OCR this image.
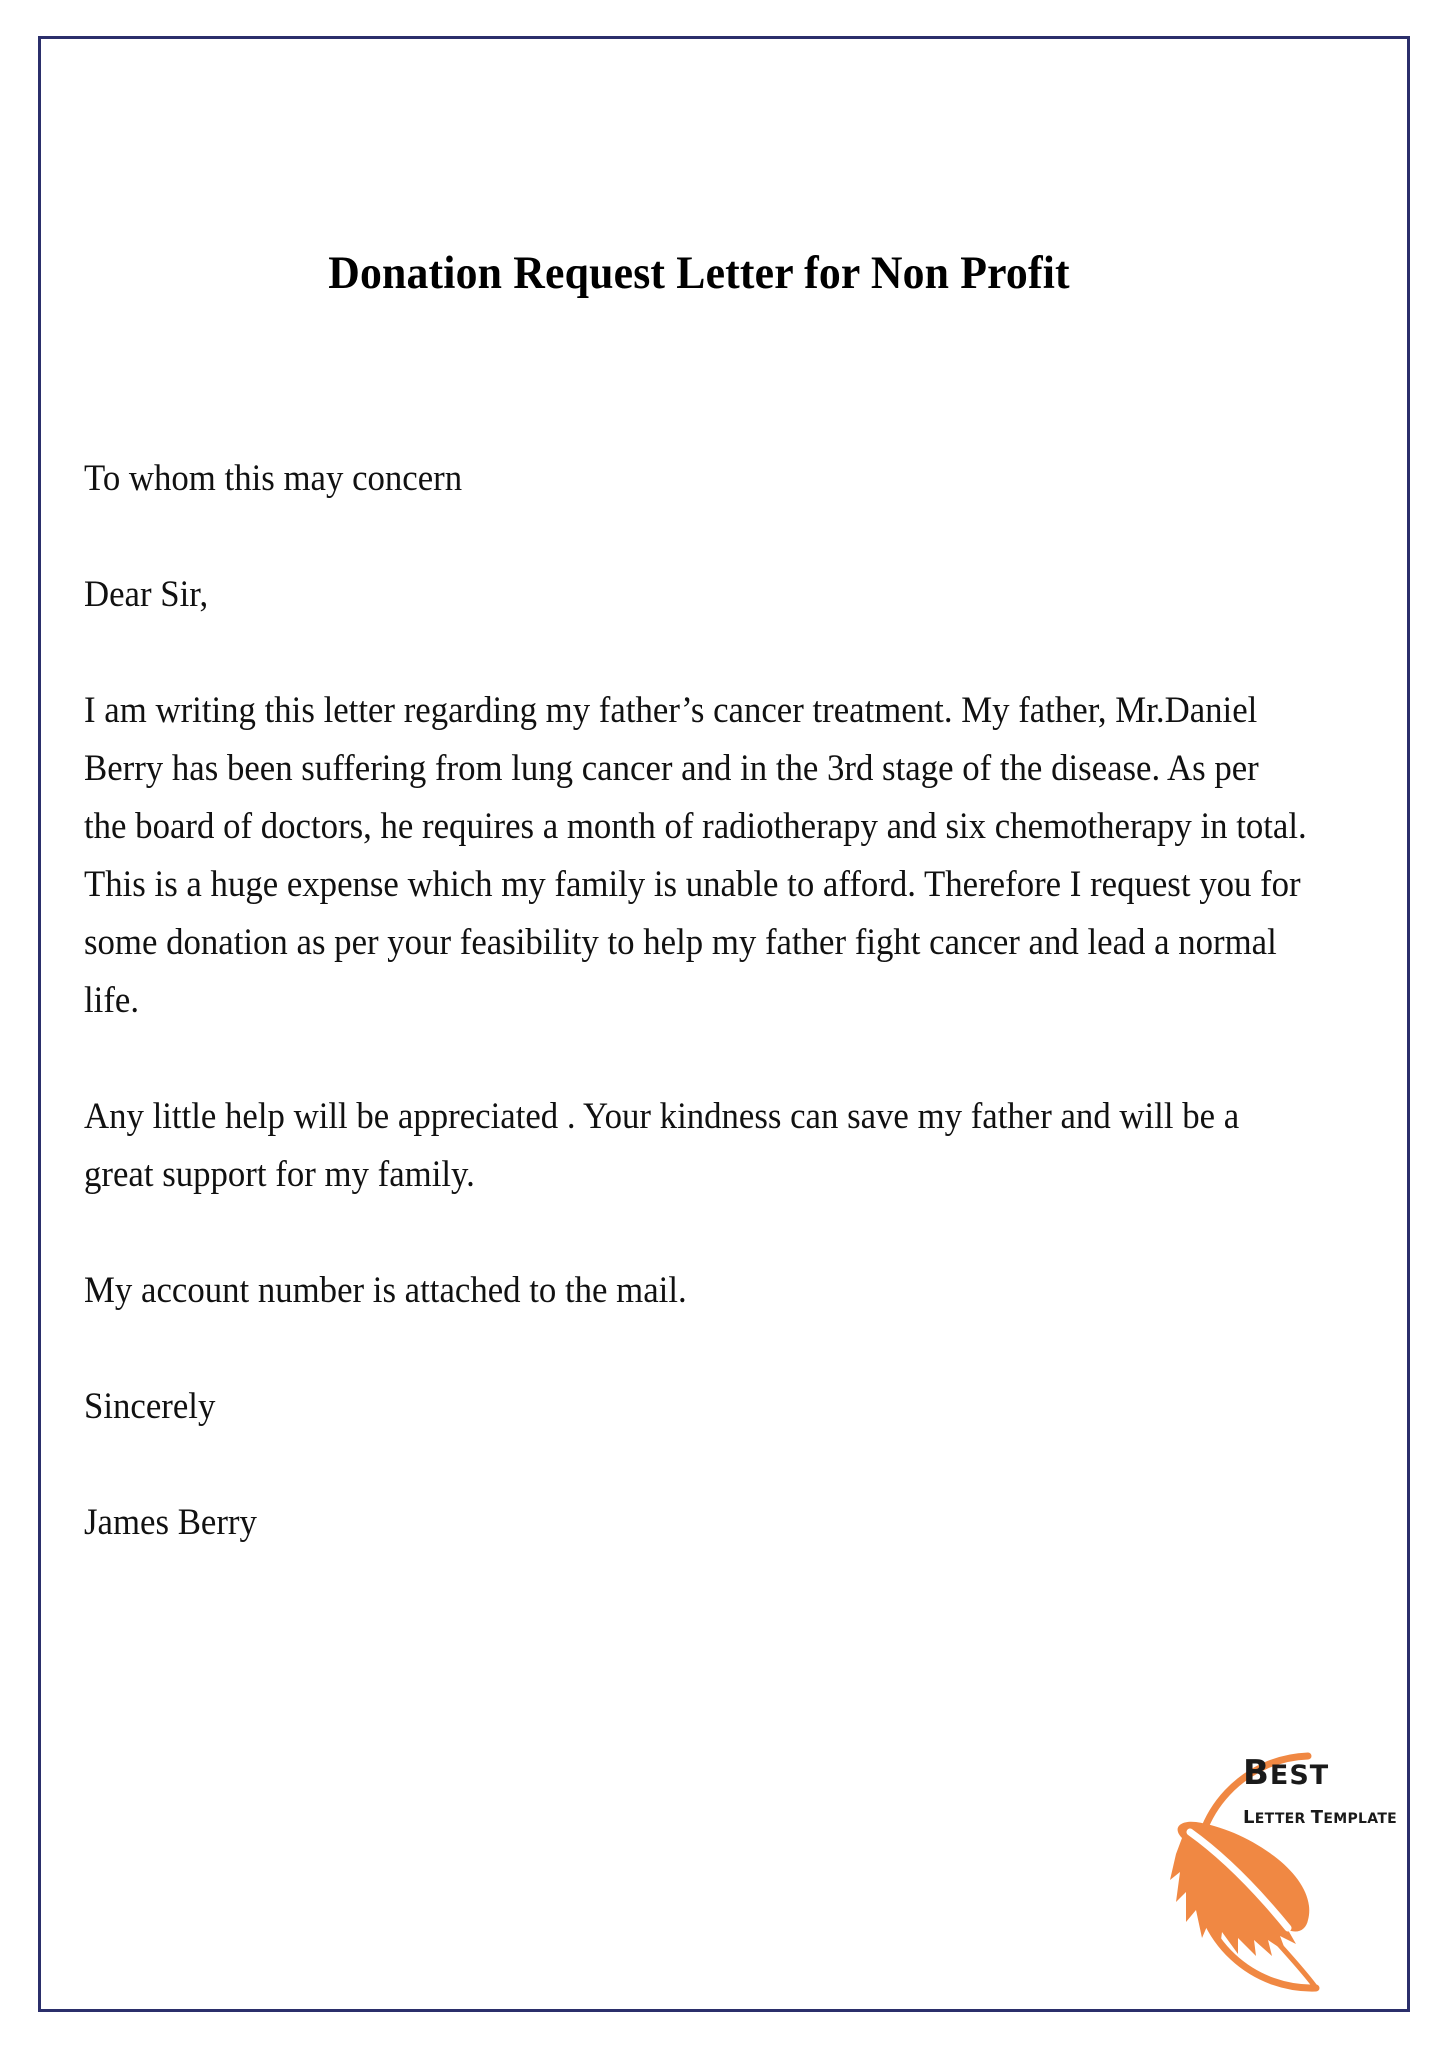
Donation Request Letter for Non Profit

To whom this may concern

Dear Sir,

I am writing this letter regarding my father’s cancer treatment. My father, Mr.Daniel Berry has been suffering from lung cancer and in the 3rd stage of the disease. As per the board of doctors, he requires a month of radiotherapy and six chemotherapy in total. This is a huge expense which my family is unable to afford. Therefore I request you for some donation as per your feasibility to help my father fight cancer and lead a normal life.

Any little help will be appreciated . Your kindness can save my father and will be a great support for my family.

My account number is attached to the mail.

Sincerely

James Berry

BEST
LETTER TEMPLATE
